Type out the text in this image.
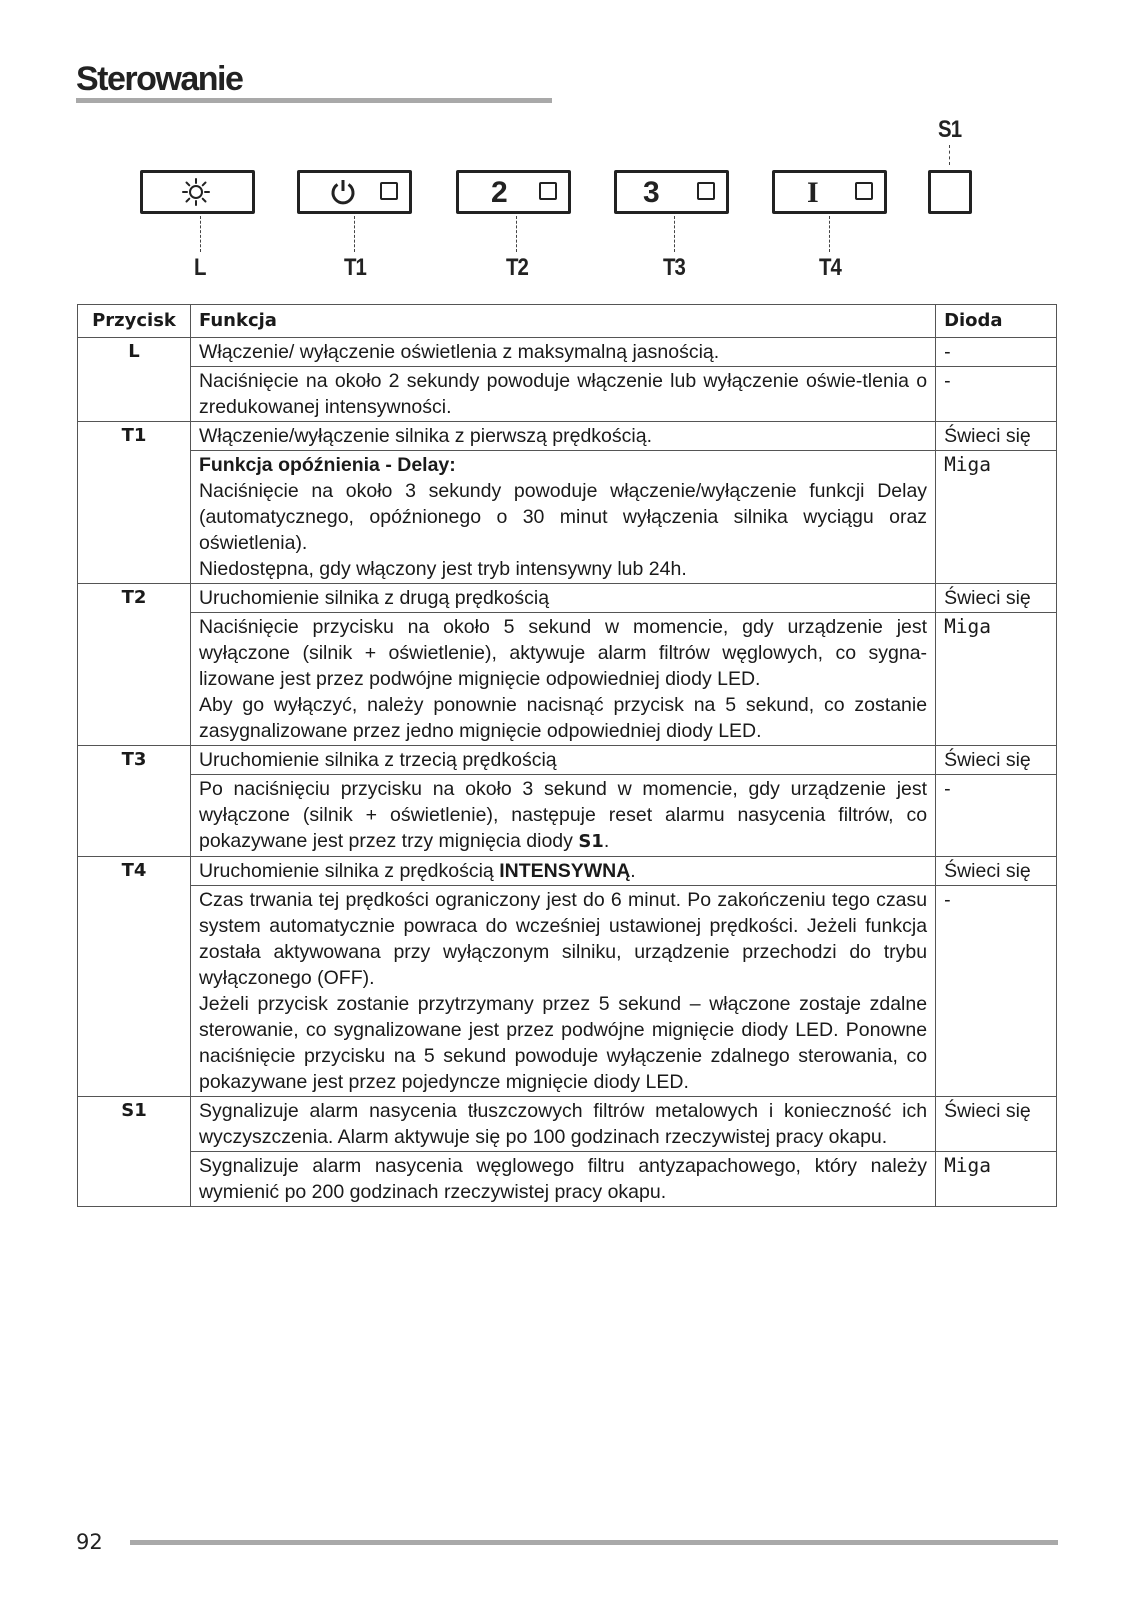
Sterowanie
S1
2	3	I
L	T1	T2	T3	T4
Przycisk	Funkcja	Dioda
L	Włączenie/ wyłączenie oświetlenia z maksymalną jasnością.	-
	Naciśnięcie na około 2 sekundy powoduje włączenie lub wyłączenie oświe-tlenia o zredukowanej intensywności.	-
T1	Włączenie/wyłączenie silnika z pierwszą prędkością.	Świeci się

	Funkcja opóźnienia - Delay:
Naciśnięcie na około 3 sekundy powoduje włączenie/wyłączenie funkcji Delay (automatycznego, opóźnionego o 30 minut wyłączenia silnika wyciągu oraz oświetlenia).
Niedostępna, gdy włączony jest tryb intensywny lub 24h.	Miga
T2	Uruchomienie silnika z drugą prędkością	Świeci się

	Naciśnięcie przycisku na około 5 sekund w momencie, gdy urządzenie jest wyłączone (silnik + oświetlenie), aktywuje alarm filtrów węglowych, co sygna-lizowane jest przez podwójne mignięcie odpowiedniej diody LED.
Aby go wyłączyć, należy ponownie nacisnąć przycisk na 5 sekund, co zostanie zasygnalizowane przez jedno mignięcie odpowiedniej diody LED.	Miga
T3	Uruchomienie silnika z trzecią prędkością	Świeci się
	Po naciśnięciu przycisku na około 3 sekund w momencie, gdy urządzenie jest wyłączone (silnik + oświetlenie), następuje reset alarmu nasycenia filtrów, co pokazywane jest przez trzy mignięcia diody S1.	-
T4	Uruchomienie silnika z prędkością INTENSYWNĄ.	Świeci się

	Czas trwania tej prędkości ograniczony jest do 6 minut. Po zakończeniu tego czasu system automatycznie powraca do wcześniej ustawionej prędkości. Jeżeli funkcja została aktywowana przy wyłączonym silniku, urządzenie przechodzi do trybu wyłączonego (OFF).
Jeżeli przycisk zostanie przytrzymany przez 5 sekund – włączone zostaje zdalne sterowanie, co sygnalizowane jest przez podwójne mignięcie diody LED. Ponowne naciśnięcie przycisku na 5 sekund powoduje wyłączenie zdalnego sterowania, co pokazywane jest przez pojedyncze mignięcie diody LED.	-
S1	Sygnalizuje alarm nasycenia tłuszczowych filtrów metalowych i konieczność ich wyczyszczenia. Alarm aktywuje się po 100 godzinach rzeczywistej pracy okapu.	Świeci się
	Sygnalizuje alarm nasycenia węglowego filtru antyzapachowego, który należy wymienić po 200 godzinach rzeczywistej pracy okapu.	Miga
92
